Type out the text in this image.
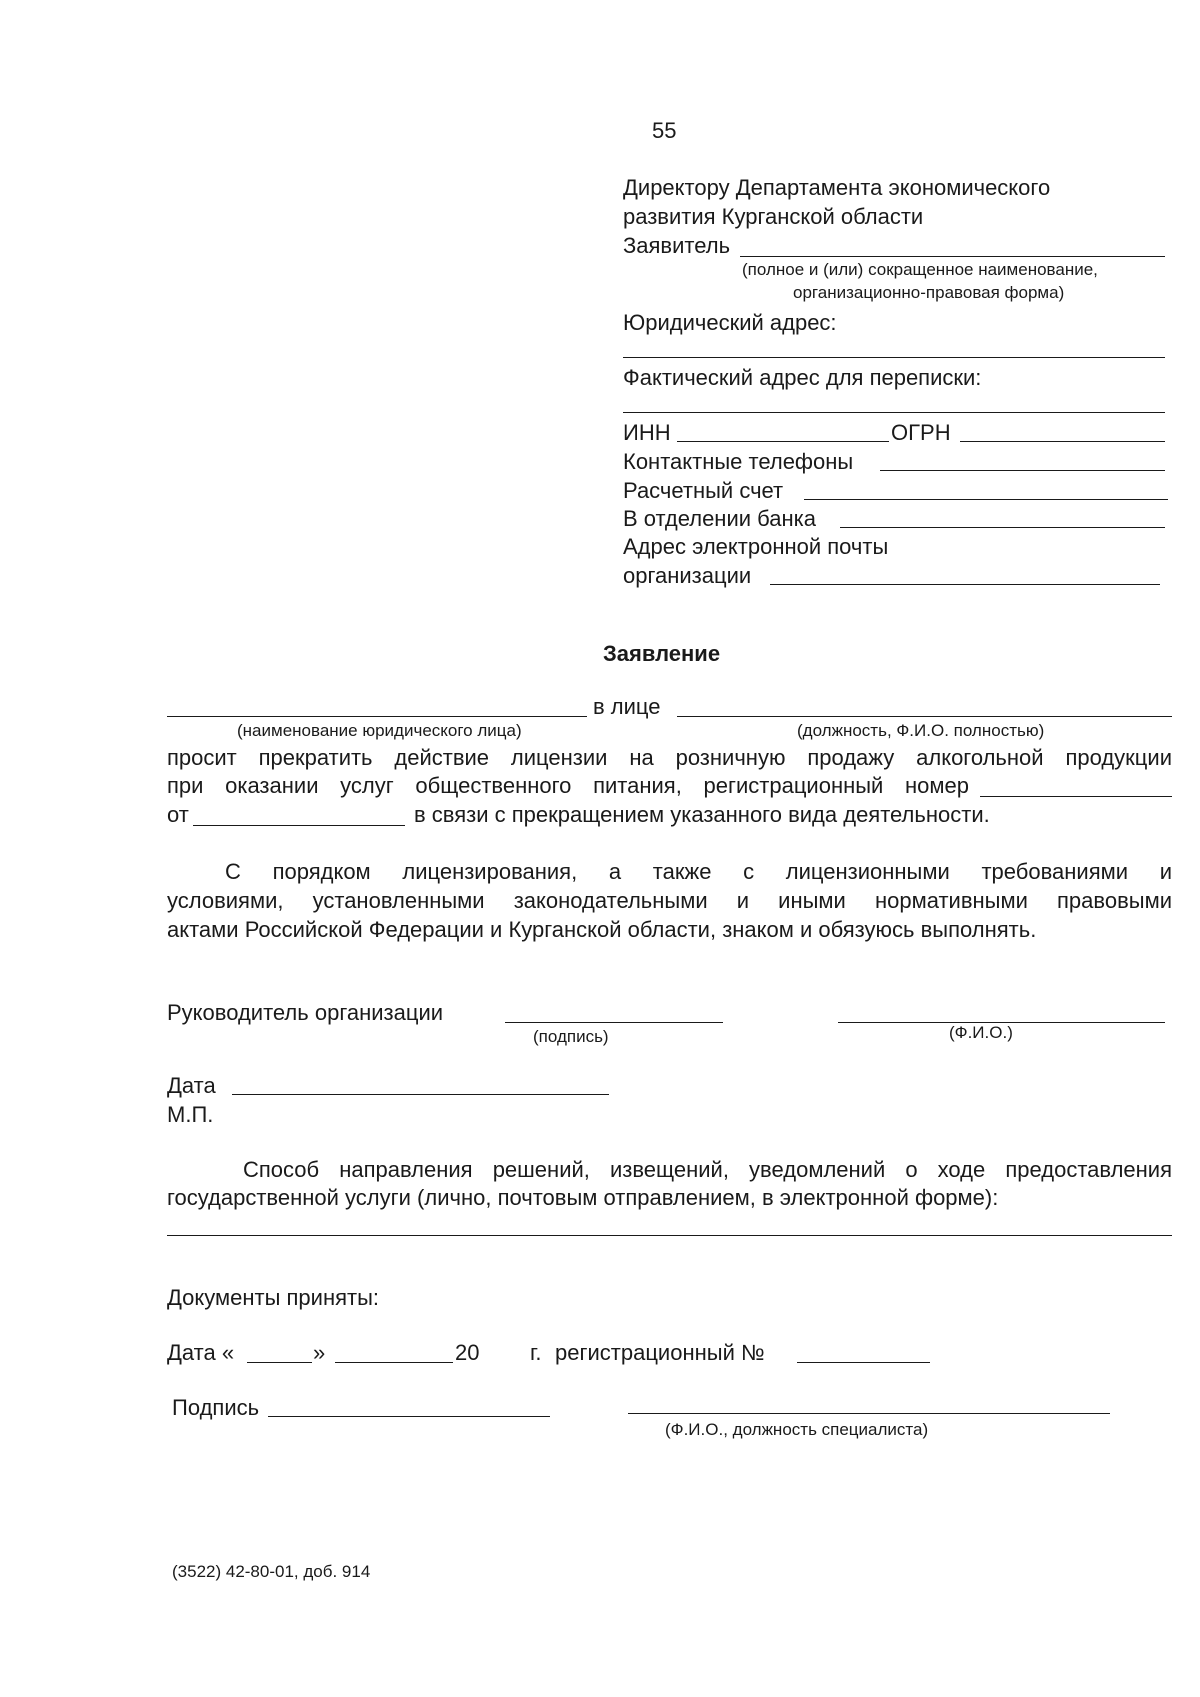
55
Директору Департамента экономического
развития Курганской области
Заявитель
(полное и (или) сокращенное наименование,
организационно-правовая форма)
Юридический адрес:
Фактический адрес для переписки:
ИНН	ОГРН
Контактные телефоны
Расчетный счет
В отделении банка
Адрес электронной почты
организации
Заявление
в лице
(наименование юридического лица)	(должность, Ф.И.О. полностью)
просит прекратить действие лицензии на розничную продажу алкогольной продукции
при оказании услуг общественного питания, регистрационный номер
от	в связи с прекращением указанного вида деятельности.
С порядком лицензирования, а также с лицензионными требованиями и
условиями, установленными законодательными и иными нормативными правовыми
актами Российской Федерации и Курганской области, знаком и обязуюсь выполнять.
Руководитель организации
(подпись)	(Ф.И.О.)
Дата
М.П.
Способ направления решений, извещений, уведомлений о ходе предоставления
государственной услуги (лично, почтовым отправлением, в электронной форме):
Документы приняты:
Дата «	»	20 г. регистрационный №
Подпись
(Ф.И.О., должность специалиста)
(3522) 42-80-01, доб. 914
